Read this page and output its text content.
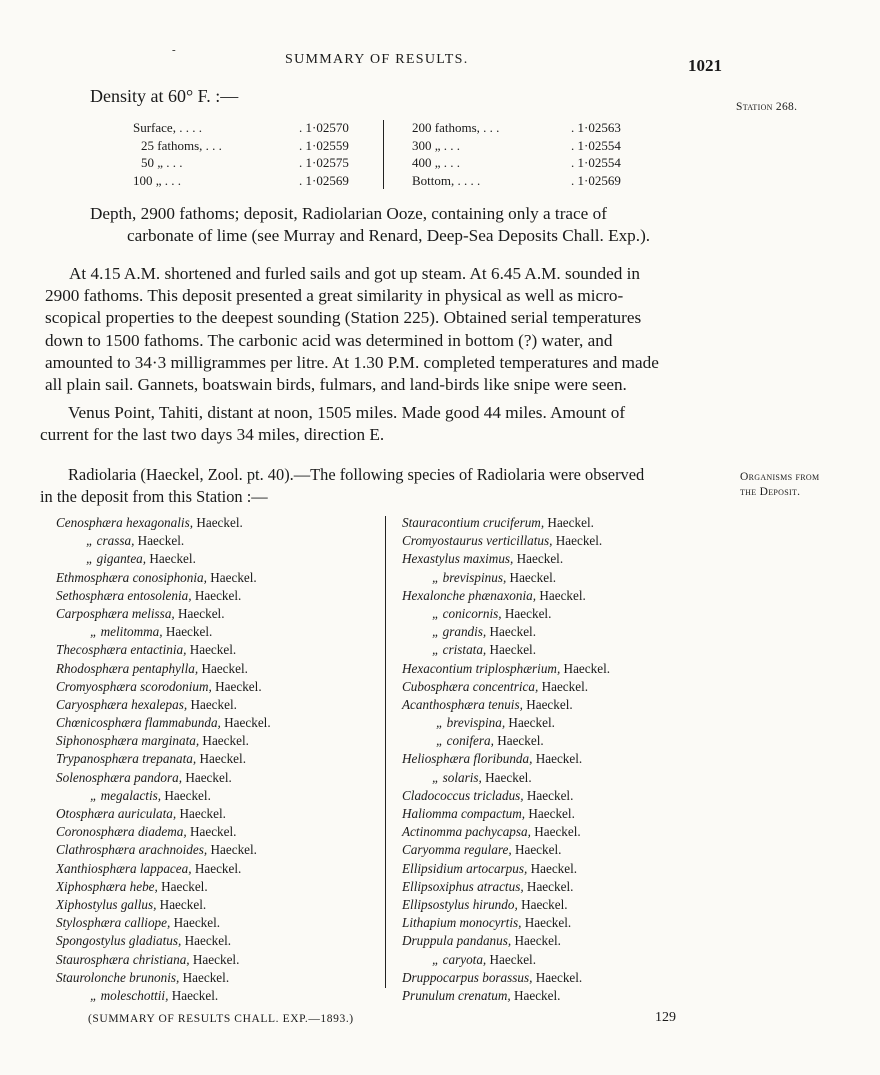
-
SUMMARY OF RESULTS.	1021
Station 268.
Organisms from
the Deposit.
Density at 60° F. :—
Surface, . . . .	. 1·02570
25 fathoms, . . .	. 1·02559
50 „ . . .	. 1·02575
100 „ . . .	. 1·02569
200 fathoms, . . .	. 1·02563
300 „ . . .	. 1·02554
400 „ . . .	. 1·02554
Bottom, . . . .	. 1·02569
Depth, 2900 fathoms; deposit, Radiolarian Ooze, containing only a trace of
carbonate of lime (see Murray and Renard, Deep-Sea Deposits Chall. Exp.).
At 4.15 A.M. shortened and furled sails and got up steam. At 6.45 A.M. sounded in
2900 fathoms. This deposit presented a great similarity in physical as well as micro-
scopical properties to the deepest sounding (Station 225). Obtained serial temperatures
down to 1500 fathoms. The carbonic acid was determined in bottom (?) water, and
amounted to 34·3 milligrammes per litre. At 1.30 P.M. completed temperatures and made
all plain sail. Gannets, boatswain birds, fulmars, and land-birds like snipe were seen.
Venus Point, Tahiti, distant at noon, 1505 miles. Made good 44 miles. Amount of
current for the last two days 34 miles, direction E.
Radiolaria (Haeckel, Zool. pt. 40).—The following species of Radiolaria were observed
in the deposit from this Station :—
Cenosphæra hexagonalis, Haeckel.
„ crassa, Haeckel.
„ gigantea, Haeckel.
Ethmosphæra conosiphonia, Haeckel.
Sethosphæra entosolenia, Haeckel.
Carposphæra melissa, Haeckel.
„ melitomma, Haeckel.
Thecosphæra entactinia, Haeckel.
Rhodosphæra pentaphylla, Haeckel.
Cromyosphæra scorodonium, Haeckel.
Caryosphæra hexalepas, Haeckel.
Chœnicosphæra flammabunda, Haeckel.
Siphonosphæra marginata, Haeckel.
Trypanosphæra trepanata, Haeckel.
Solenosphæra pandora, Haeckel.
„ megalactis, Haeckel.
Otosphæra auriculata, Haeckel.
Coronosphæra diadema, Haeckel.
Clathrosphæra arachnoides, Haeckel.
Xanthiosphæra lappacea, Haeckel.
Xiphosphæra hebe, Haeckel.
Xiphostylus gallus, Haeckel.
Stylosphæra calliope, Haeckel.
Spongostylus gladiatus, Haeckel.
Staurosphæra christiana, Haeckel.
Staurolonche brunonis, Haeckel.
„ moleschottii, Haeckel.
Stauracontium cruciferum, Haeckel.
Cromyostaurus verticillatus, Haeckel.
Hexastylus maximus, Haeckel.
„ brevispinus, Haeckel.
Hexalonche phænaxonia, Haeckel.
„ conicornis, Haeckel.
„ grandis, Haeckel.
„ cristata, Haeckel.
Hexacontium triplosphærium, Haeckel.
Cubosphæra concentrica, Haeckel.
Acanthosphæra tenuis, Haeckel.
„ brevispina, Haeckel.
„ conifera, Haeckel.
Heliosphæra floribunda, Haeckel.
„ solaris, Haeckel.
Cladococcus tricladus, Haeckel.
Haliomma compactum, Haeckel.
Actinomma pachycapsa, Haeckel.
Caryomma regulare, Haeckel.
Ellipsidium artocarpus, Haeckel.
Ellipsoxiphus atractus, Haeckel.
Ellipsostylus hirundo, Haeckel.
Lithapium monocyrtis, Haeckel.
Druppula pandanus, Haeckel.
„ caryota, Haeckel.
Druppocarpus borassus, Haeckel.
Prunulum crenatum, Haeckel.
(SUMMARY OF RESULTS CHALL. EXP.—1893.)	129
